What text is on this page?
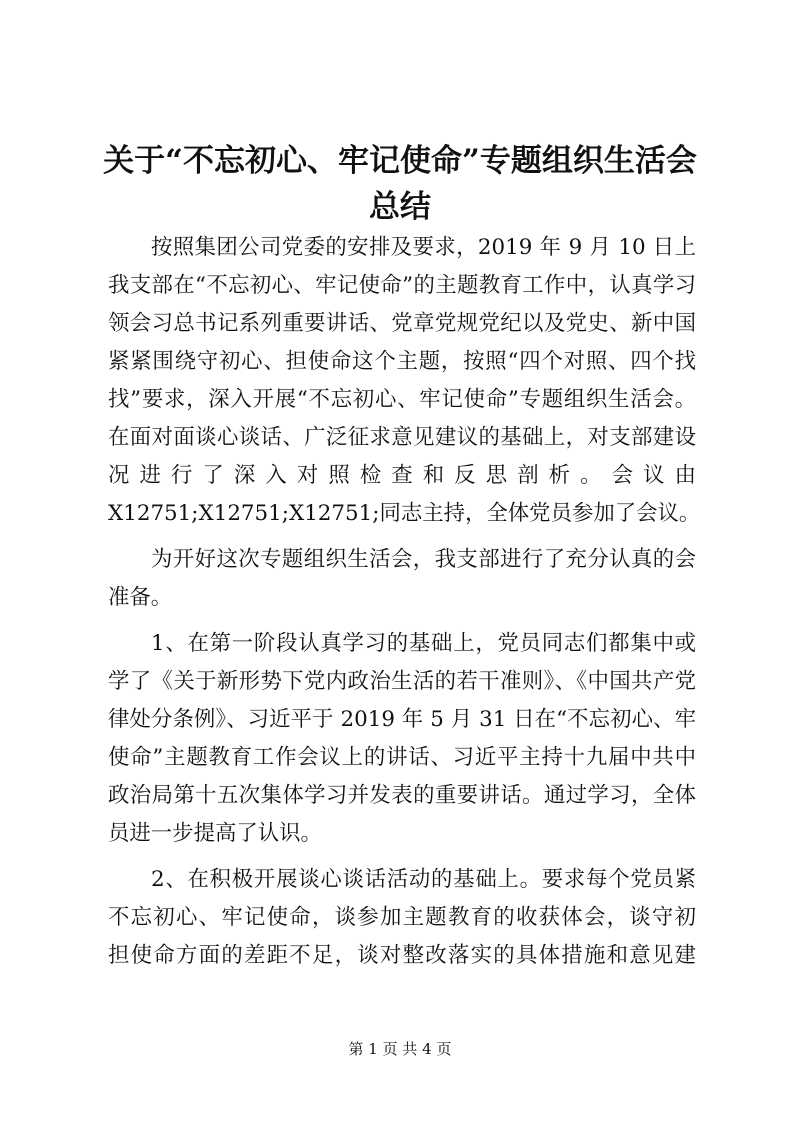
关于“不忘初心、牢记使命”专题组织生活会
总结
按照集团公司党委的安排及要求，2019 年 9 月 10 日上
我支部在“不忘初心、牢记使命”的主题教育工作中，认真学习
领会习总书记系列重要讲话、党章党规党纪以及党史、新中国
紧紧围绕守初心、担使命这个主题，按照“四个对照、四个找
找”要求，深入开展“不忘初心、牢记使命”专题组织生活会。
在面对面谈心谈话、广泛征求意见建议的基础上，对支部建设
况进行了深入对照检查和反思剖析。会议由
X12751;X12751;X12751;同志主持，全体党员参加了会议。
为开好这次专题组织生活会，我支部进行了充分认真的会
准备。
1、在第一阶段认真学习的基础上，党员同志们都集中或
学了《关于新形势下党内政治生活的若干准则》、《中国共产党
律处分条例》、习近平于 2019 年 5 月 31 日在“不忘初心、牢
使命”主题教育工作会议上的讲话、习近平主持十九届中共中
政治局第十五次集体学习并发表的重要讲话。通过学习，全体
员进一步提高了认识。
2、在积极开展谈心谈话活动的基础上。要求每个党员紧
不忘初心、牢记使命，谈参加主题教育的收获体会，谈守初
担使命方面的差距不足，谈对整改落实的具体措施和意见建
第 1 页 共 4 页
